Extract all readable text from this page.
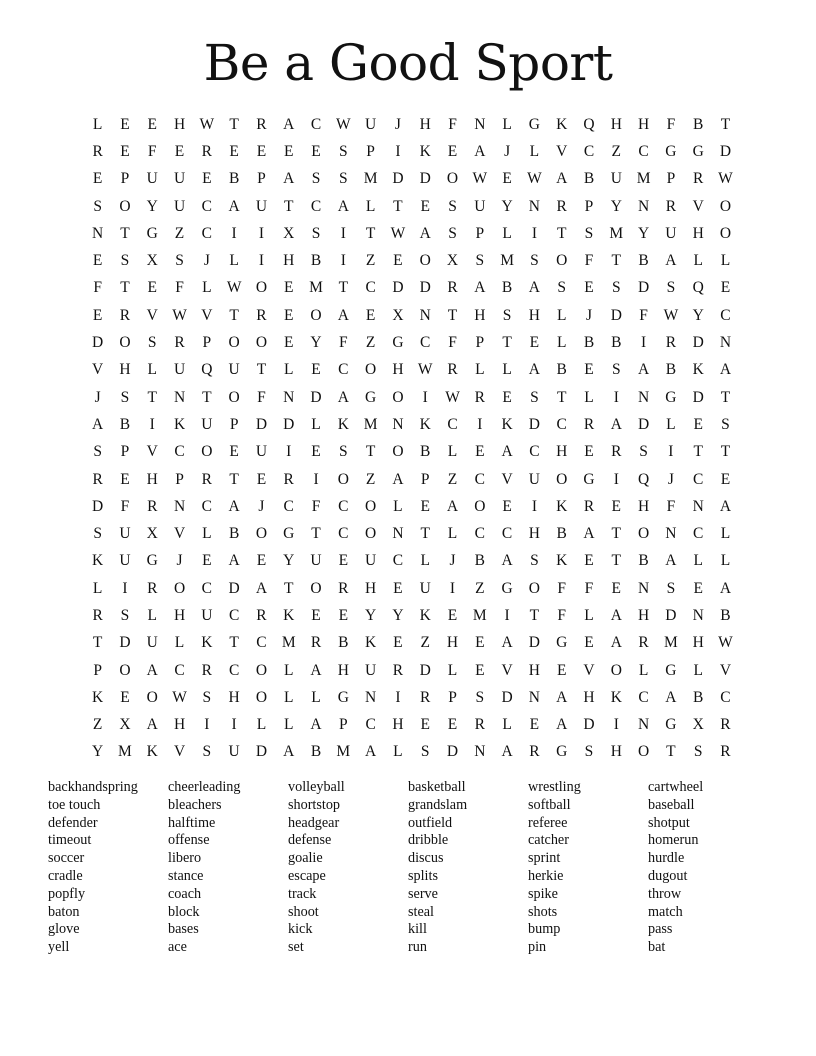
Be a Good Sport
L	E	E	H W T	R	A	C W U	J	H	F	N	L	G	K	Q	H	H	F	B	T
R	E	F	E	R	E	E	E	E	S	P	I	K	E	A	J	L	V	C	Z	C	G	G	D
E	P	U	U	E	B	P	A	S	S	M D	D	O W E W A	B	U M	P	R W
S	O	Y	U	C	A	U	T	C	A	L	T	E	S	U	Y	N	R	P	Y	N	R	V	O
N	T	G	Z	C	I	I	X	S	I	T W A	S	P	L	I	T	S	M Y	U	H	O
E	S	X	S	J	L	I	H	B	I	Z	E	O	X	S	M	S	O	F	T	B	A	L	L
F	T	E	F	L W O	E	M	T	C	D	D	R	A	B	A	S	E	S	D	S	Q	E
E	R	V W V	T	R	E	O	A	E	X	N	T	H	S	H	L	J	D	F	W Y	C
D	O	S	R	P	O	O	E	Y	F	Z	G	C	F	P	T	E	L	B	B	I	R	D	N
V	H	L	U	Q	U	T	L	E	C	O	H W R	L	L	A	B	E	S	A	B	K	A
J	S	T	N	T	O	F	N	D	A	G	O	I	W R	E	S	T	L	I	N	G	D	T
A	B	I	K	U	P	D	D	L	K M N	K	C	I	K	D	C	R	A	D	L	E	S
S	P	V	C	O	E	U	I	E	S	T	O	B	L	E	A	C	H	E	R	S	I	T	T
R	E	H	P	R	T	E	R	I	O	Z	A	P	Z	C	V	U	O	G	I	Q	J	C	E
D	F	R	N	C	A	J	C	F	C	O	L	E	A	O	E	I	K	R	E	H	F	N	A
S	U	X	V	L	B	O	G	T	C	O	N	T	L	C	C	H	B	A	T	O	N	C	L
K	U	G	J	E	A	E	Y	U	E	U	C	L	J	B	A	S	K	E	T	B	A	L	L
L	I	R	O	C	D	A	T	O	R	H	E	U	I	Z	G	O	F	F	E	N	S	E	A
R	S	L	H	U	C	R	K	E	E	Y	Y	K	E	M	I	T	F	L	A	H	D	N	B
T	D	U	L	K	T	C M R	B	K	E	Z	H	E	A	D	G	E	A	R M H W
P	O	A	C	R	C	O	L	A	H	U	R	D	L	E	V	H	E	V	O	L	G	L	V
K	E	O W	S	H	O	L	L	G	N	I	R	P	S	D	N	A	H	K	C	A	B	C
Z	X	A	H	I	I	L	L	A	P	C	H	E	E	R	L	E	A	D	I	N	G	X	R
Y M K	V	S	U	D	A	B M A	L	S	D	N	A	R	G	S	H	O	T	S	R
backhandspring	cheerleading	volleyball	basketball	wrestling	cartwheel
toe touch	bleachers	shortstop	grandslam	softball	baseball
defender	halftime	headgear	outfield	referee	shotput
timeout	offense	defense	dribble	catcher	homerun
soccer	libero	goalie	discus	sprint	hurdle
cradle	stance	escape	splits	herkie	dugout
popfly	coach	track	serve	spike	throw
baton	block	shoot	steal	shots	match
glove	bases	kick	kill	bump	pass
yell	ace	set	run	pin	bat
